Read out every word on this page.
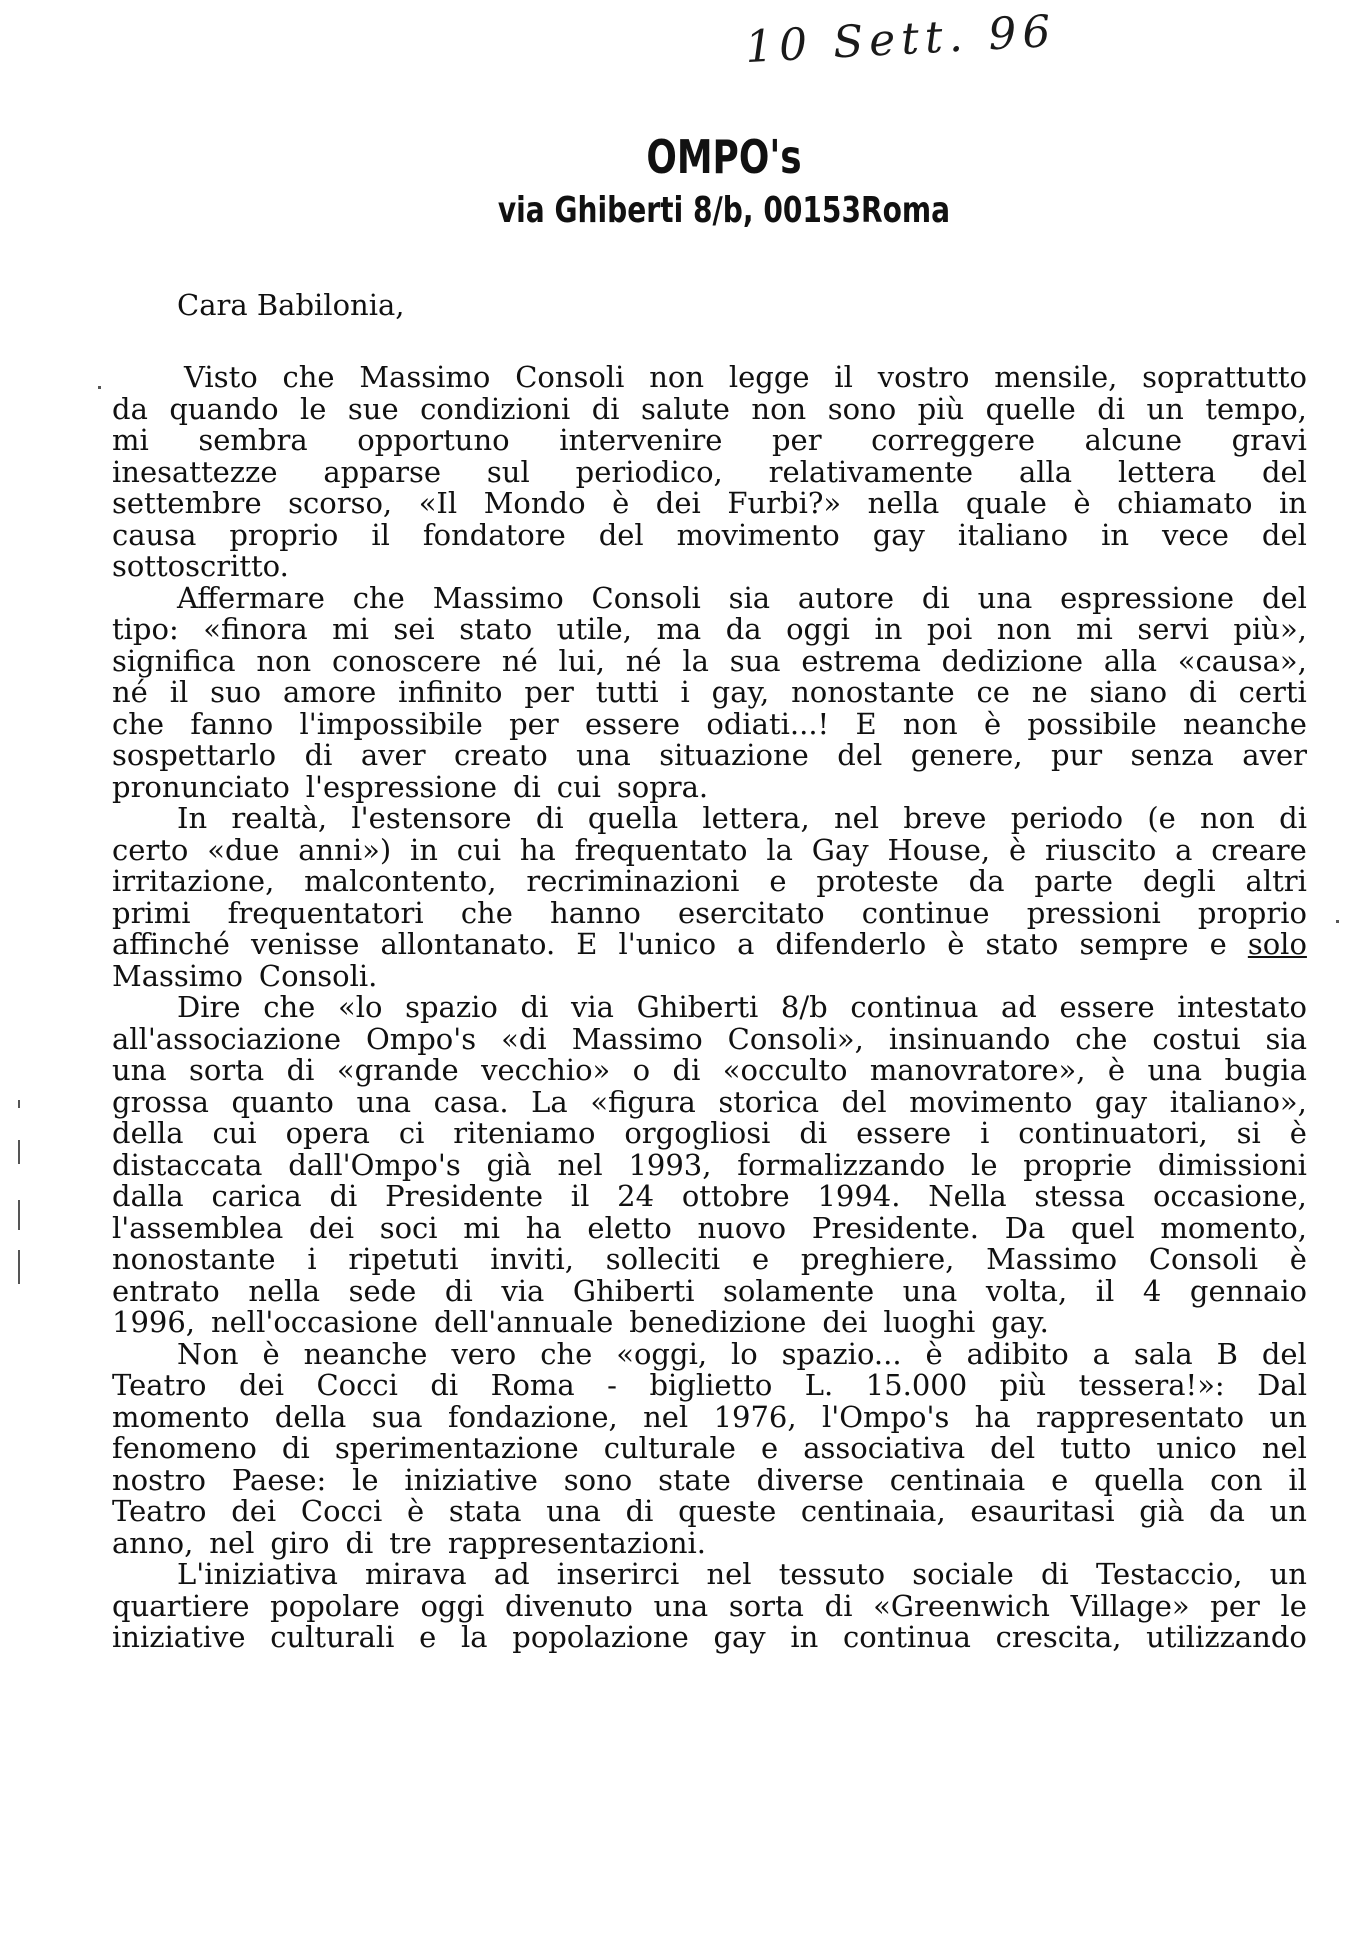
10 Sett. 96
OMPO's
via Ghiberti 8/b, 00153Roma
Cara Babilonia,
Visto che Massimo Consoli non legge il vostro mensile, soprattutto
da quando le sue condizioni di salute non sono più quelle di un tempo,
mi sembra opportuno intervenire per correggere alcune gravi
inesattezze apparse sul periodico, relativamente alla lettera del
settembre scorso, «Il Mondo è dei Furbi?» nella quale è chiamato in
causa proprio il fondatore del movimento gay italiano in vece del
sottoscritto.
Affermare che Massimo Consoli sia autore di una espressione del
tipo: «finora mi sei stato utile, ma da oggi in poi non mi servi più»,
significa non conoscere né lui, né la sua estrema dedizione alla «causa»,
né il suo amore infinito per tutti i gay, nonostante ce ne siano di certi
che fanno l'impossibile per essere odiati...! E non è possibile neanche
sospettarlo di aver creato una situazione del genere, pur senza aver
pronunciato l'espressione di cui sopra.
In realtà, l'estensore di quella lettera, nel breve periodo (e non di
certo «due anni») in cui ha frequentato la Gay House, è riuscito a creare
irritazione, malcontento, recriminazioni e proteste da parte degli altri
primi frequentatori che hanno esercitato continue pressioni proprio
affinché venisse allontanato. E l'unico a difenderlo è stato sempre e solo
Massimo Consoli.
Dire che «lo spazio di via Ghiberti 8/b continua ad essere intestato
all'associazione Ompo's «di Massimo Consoli», insinuando che costui sia
una sorta di «grande vecchio» o di «occulto manovratore», è una bugia
grossa quanto una casa. La «figura storica del movimento gay italiano»,
della cui opera ci riteniamo orgogliosi di essere i continuatori, si è
distaccata dall'Ompo's già nel 1993, formalizzando le proprie dimissioni
dalla carica di Presidente il 24 ottobre 1994. Nella stessa occasione,
l'assemblea dei soci mi ha eletto nuovo Presidente. Da quel momento,
nonostante i ripetuti inviti, solleciti e preghiere, Massimo Consoli è
entrato nella sede di via Ghiberti solamente una volta, il 4 gennaio
1996, nell'occasione dell'annuale benedizione dei luoghi gay.
Non è neanche vero che «oggi, lo spazio... è adibito a sala B del
Teatro dei Cocci di Roma - biglietto L. 15.000 più tessera!»: Dal
momento della sua fondazione, nel 1976, l'Ompo's ha rappresentato un
fenomeno di sperimentazione culturale e associativa del tutto unico nel
nostro Paese: le iniziative sono state diverse centinaia e quella con il
Teatro dei Cocci è stata una di queste centinaia, esauritasi già da un
anno, nel giro di tre rappresentazioni.
L'iniziativa mirava ad inserirci nel tessuto sociale di Testaccio, un
quartiere popolare oggi divenuto una sorta di «Greenwich Village» per le
iniziative culturali e la popolazione gay in continua crescita, utilizzando
